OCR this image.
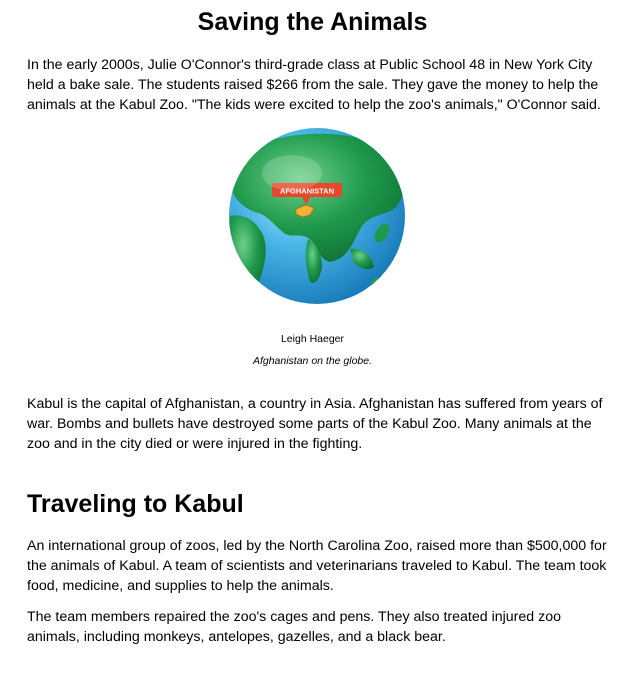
Saving the Animals

In the early 2000s, Julie O'Connor's third-grade class at Public School 48 in New York City held a bake sale. The students raised $266 from the sale. They gave the money to help the animals at the Kabul Zoo. "The kids were excited to help the zoo's animals," O'Connor said.

AFGHANISTAN

Leigh Haeger

Afghanistan on the globe.

Kabul is the capital of Afghanistan, a country in Asia. Afghanistan has suffered from years of war. Bombs and bullets have destroyed some parts of the Kabul Zoo. Many animals at the zoo and in the city died or were injured in the fighting.

Traveling to Kabul

An international group of zoos, led by the North Carolina Zoo, raised more than $500,000 for the animals of Kabul. A team of scientists and veterinarians traveled to Kabul. The team took food, medicine, and supplies to help the animals.

The team members repaired the zoo's cages and pens. They also treated injured zoo animals, including monkeys, antelopes, gazelles, and a black bear.
